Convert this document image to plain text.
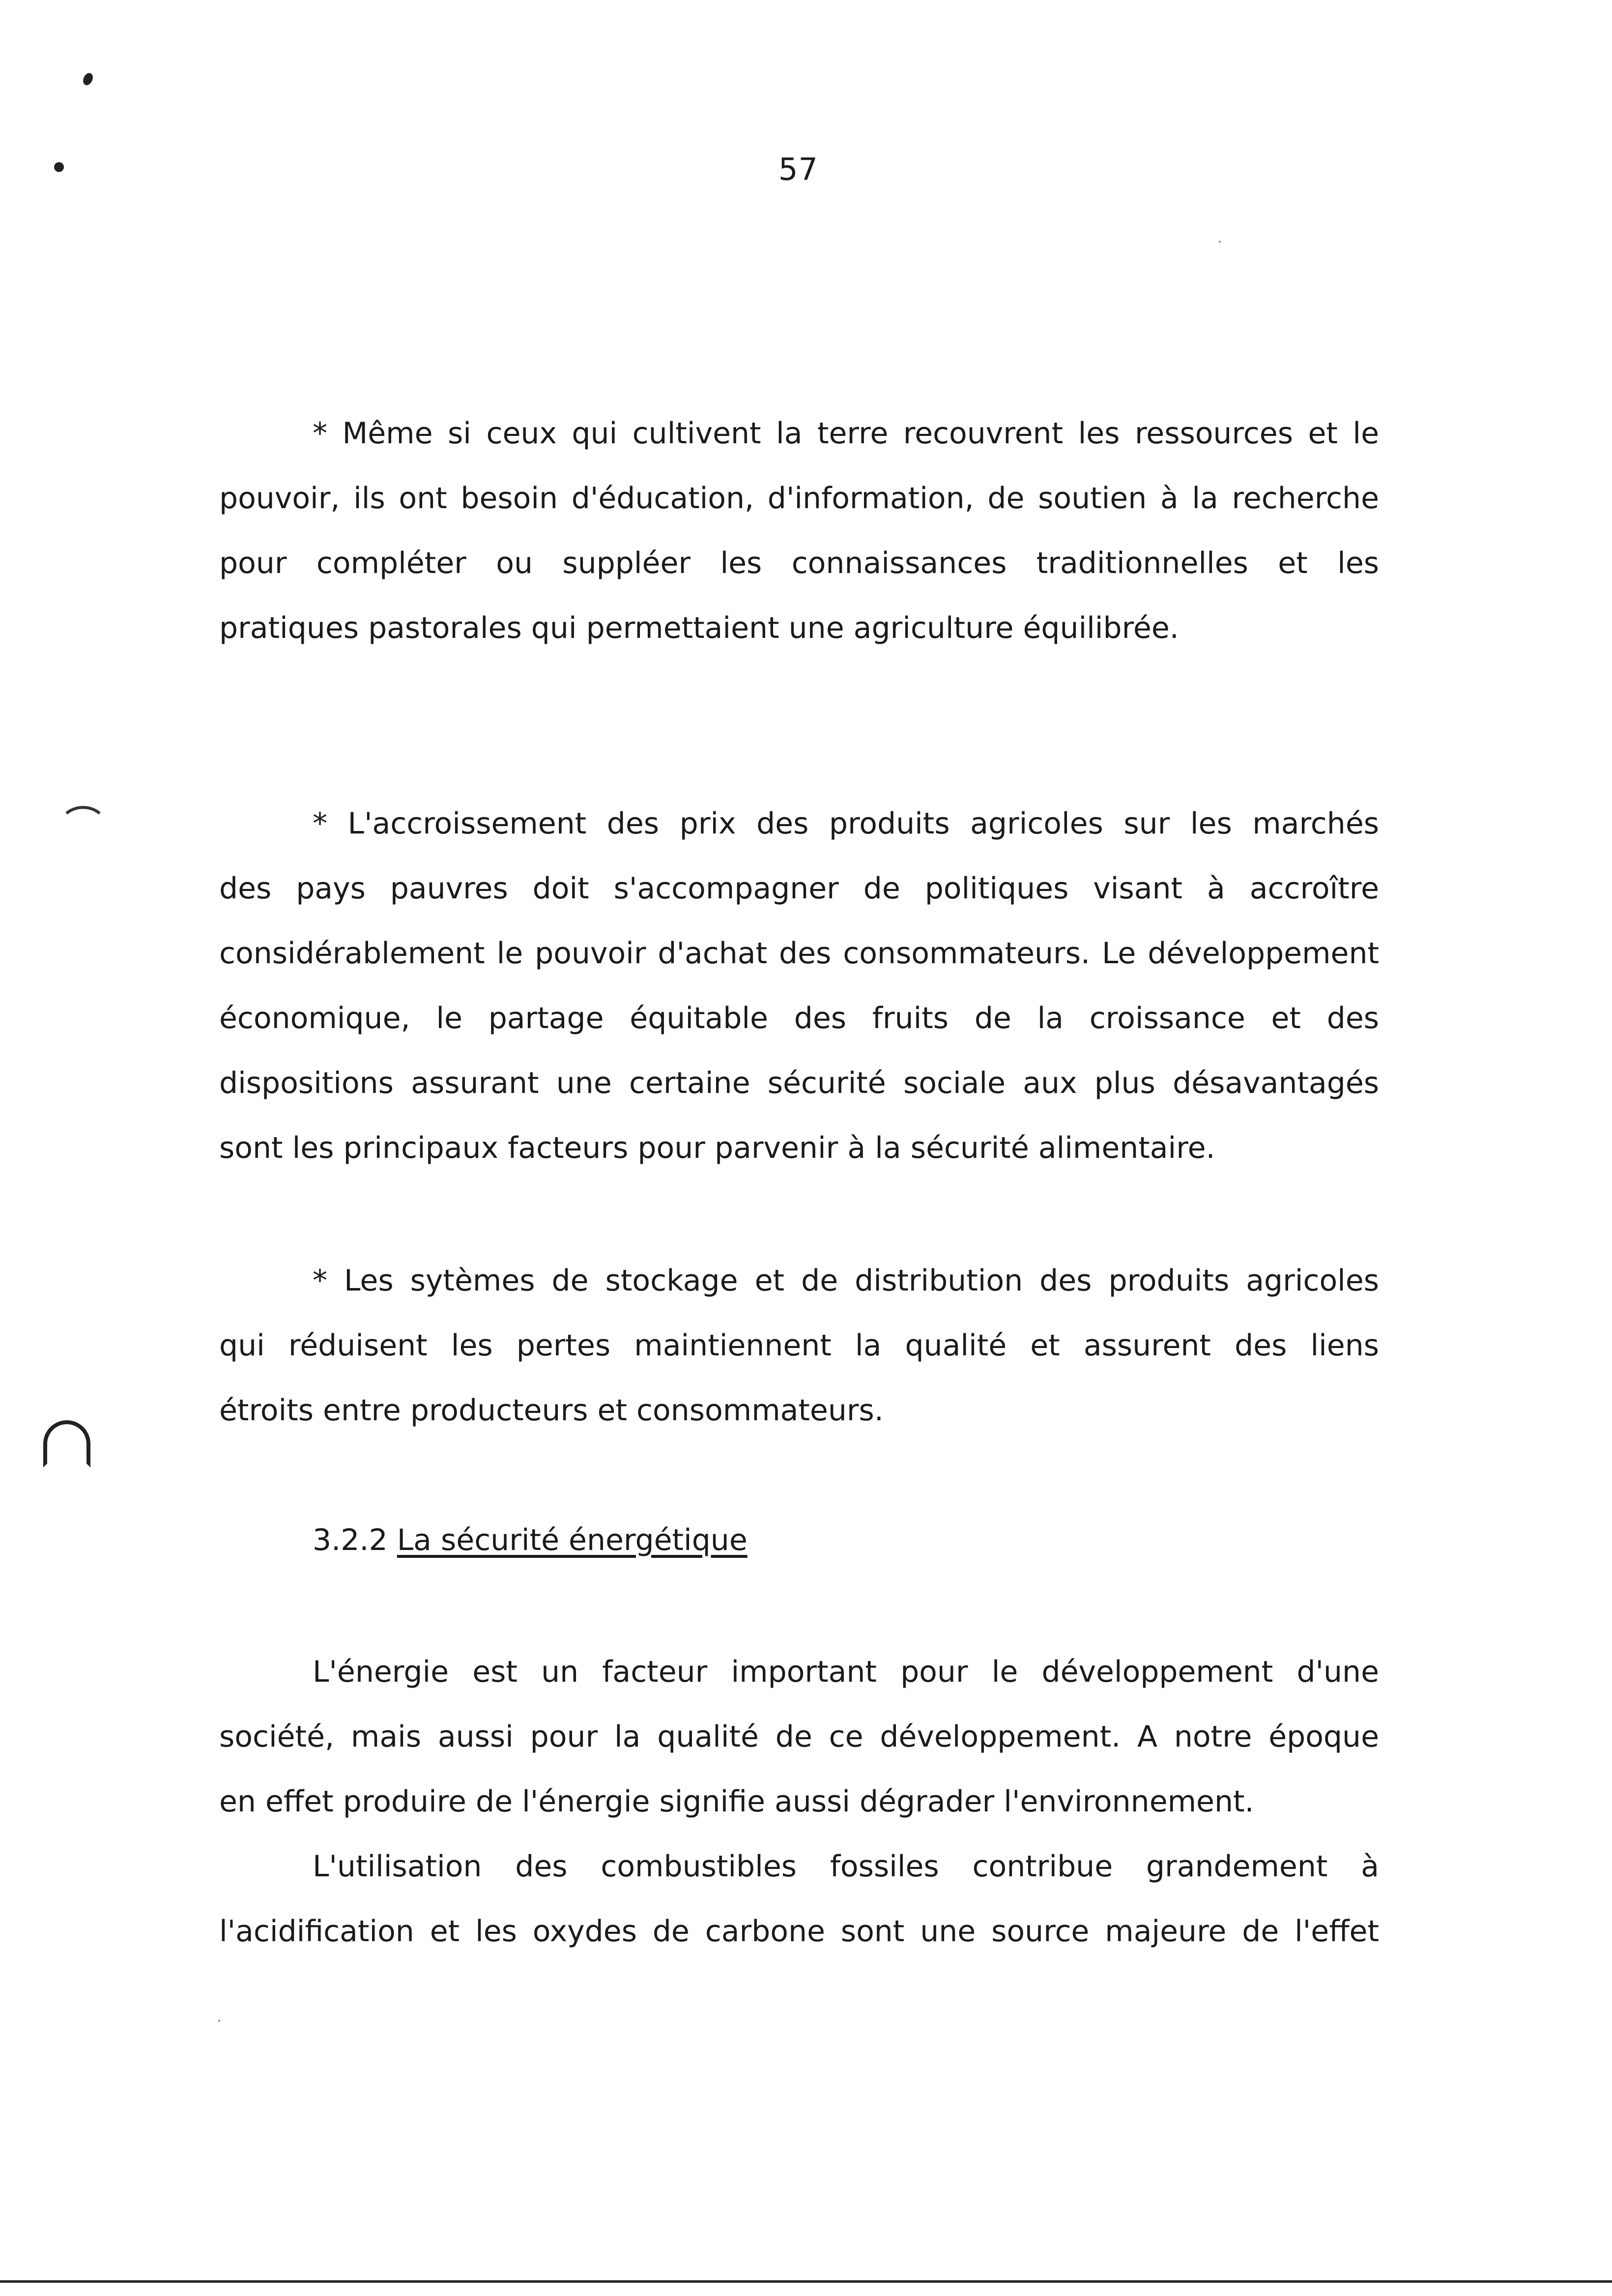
57
* Même si ceux qui cultivent la terre recouvrent les ressources et le
pouvoir, ils ont besoin d'éducation, d'information, de soutien à la recherche
pour compléter ou suppléer les connaissances traditionnelles et les
pratiques pastorales qui permettaient une agriculture équilibrée.
* L'accroissement des prix des produits agricoles sur les marchés
des pays pauvres doit s'accompagner de politiques visant à accroître
considérablement le pouvoir d'achat des consommateurs. Le développement
économique, le partage équitable des fruits de la croissance et des
dispositions assurant une certaine sécurité sociale aux plus désavantagés
sont les principaux facteurs pour parvenir à la sécurité alimentaire.
* Les sytèmes de stockage et de distribution des produits agricoles
qui réduisent les pertes maintiennent la qualité et assurent des liens
étroits entre producteurs et consommateurs.
3.2.2 La sécurité énergétique
L'énergie est un facteur important pour le développement d'une
société, mais aussi pour la qualité de ce développement. A notre époque
en effet produire de l'énergie signifie aussi dégrader l'environnement.
L'utilisation des combustibles fossiles contribue grandement à
l'acidification et les oxydes de carbone sont une source majeure de l'effet
